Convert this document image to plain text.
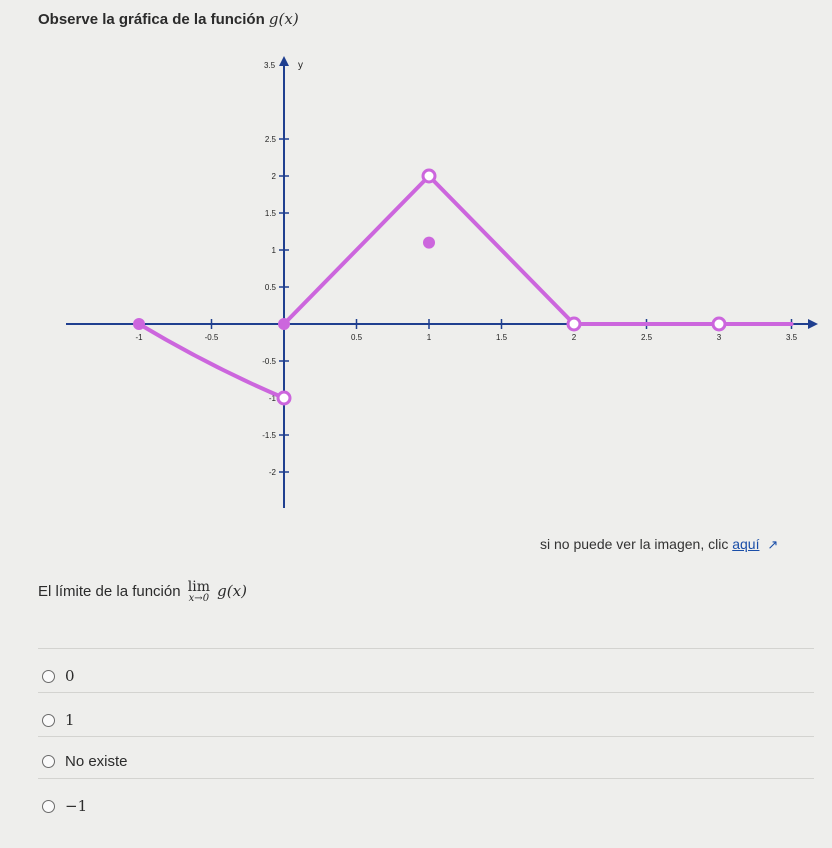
Observe la gráfica de la función g(x)
y
3.5
2.5
2
1.5
1
0.5
-0.5
-1.5
-2
-1
-1	-0.5	0.5	1	1.5	2	2.5	3	3.5
si no puede ver la imagen, clic aquí ↗
El límite de la función lim
x→0 g(x)
0
1
No existe
−1
